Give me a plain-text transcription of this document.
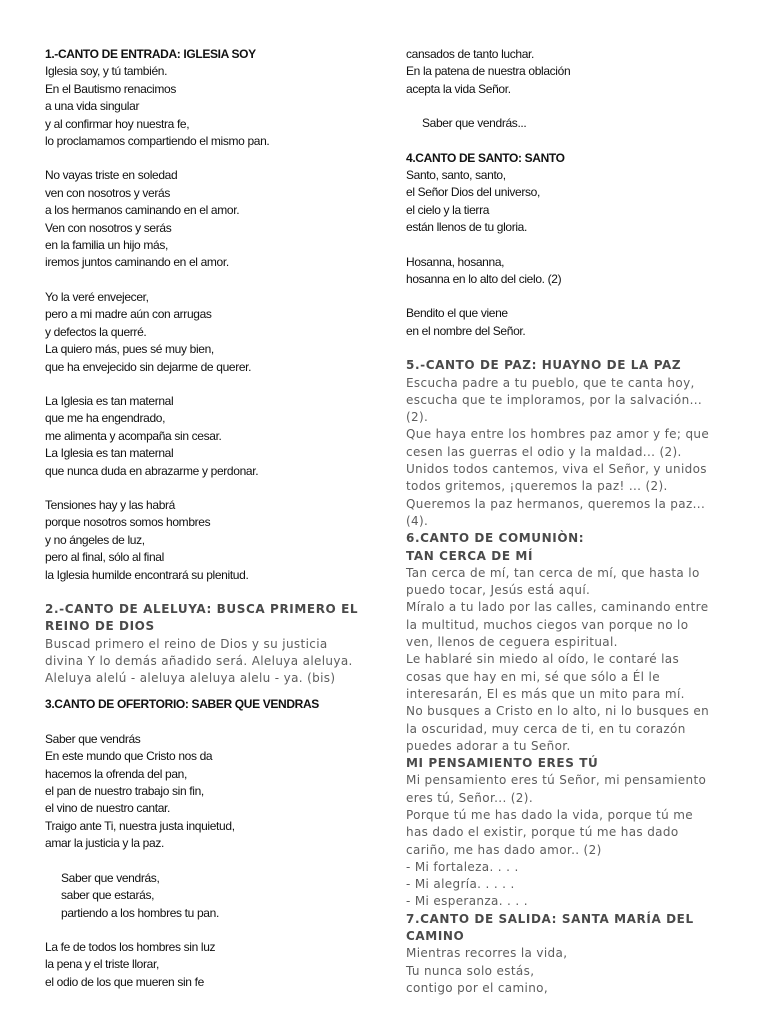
1.-CANTO DE ENTRADA: IGLESIA SOY
Iglesia soy, y tú también.
En el Bautismo renacimos
a una vida singular
y al confirmar hoy nuestra fe,
lo proclamamos compartiendo el mismo pan.
No vayas triste en soledad
ven con nosotros y verás
a los hermanos caminando en el amor.
Ven con nosotros y serás
en la familia un hijo más,
iremos juntos caminando en el amor.
Yo la veré envejecer,
pero a mi madre aún con arrugas
y defectos la querré.
La quiero más, pues sé muy bien,
que ha envejecido sin dejarme de querer.
La Iglesia es tan maternal
que me ha engendrado,
me alimenta y acompaña sin cesar.
La Iglesia es tan maternal
que nunca duda en abrazarme y perdonar.
Tensiones hay y las habrá
porque nosotros somos hombres
y no ángeles de luz,
pero al final, sólo al final
la Iglesia humilde encontrará su plenitud.
2.-CANTO DE ALELUYA: BUSCA PRIMERO EL
REINO DE DIOS
Buscad primero el reino de Dios y su justicia
divina Y lo demás añadido será. Aleluya aleluya.
Aleluya alelú - aleluya aleluya alelu - ya. (bis)
3.CANTO DE OFERTORIO: SABER QUE VENDRAS
Saber que vendrás
En este mundo que Cristo nos da
hacemos la ofrenda del pan,
el pan de nuestro trabajo sin fin,
el vino de nuestro cantar.
Traigo ante Ti, nuestra justa inquietud,
amar la justicia y la paz.
Saber que vendrás,
saber que estarás,
partiendo a los hombres tu pan.
La fe de todos los hombres sin luz
la pena y el triste llorar,
el odio de los que mueren sin fe
cansados de tanto luchar.
En la patena de nuestra oblación
acepta la vida Señor.
Saber que vendrás...
4.CANTO DE SANTO: SANTO
Santo, santo, santo,
el Señor Dios del universo,
el cielo y la tierra
están llenos de tu gloria.
Hosanna, hosanna,
hosanna en lo alto del cielo. (2)
Bendito el que viene
en el nombre del Señor.
5.-CANTO DE PAZ: HUAYNO DE LA PAZ
Escucha padre a tu pueblo, que te canta hoy,
escucha que te imploramos, por la salvación...
(2).
Que haya entre los hombres paz amor y fe; que
cesen las guerras el odio y la maldad... (2).
Unidos todos cantemos, viva el Señor, y unidos
todos gritemos, ¡queremos la paz! ... (2).
Queremos la paz hermanos, queremos la paz...
(4).
6.CANTO DE COMUNIÒN:
TAN CERCA DE MÍ
Tan cerca de mí, tan cerca de mí, que hasta lo
puedo tocar, Jesús está aquí.
Míralo a tu lado por las calles, caminando entre
la multitud, muchos ciegos van porque no lo
ven, llenos de ceguera espiritual.
Le hablaré sin miedo al oído, le contaré las
cosas que hay en mi, sé que sólo a Él le
interesarán, El es más que un mito para mí.
No busques a Cristo en lo alto, ni lo busques en
la oscuridad, muy cerca de ti, en tu corazón
puedes adorar a tu Señor.
MI PENSAMIENTO ERES TÚ
Mi pensamiento eres tú Señor, mi pensamiento
eres tú, Señor... (2).
Porque tú me has dado la vida, porque tú me
has dado el existir, porque tú me has dado
cariño, me has dado amor.. (2)
- Mi fortaleza. . . .
- Mi alegría. . . . .
- Mi esperanza. . . .
7.CANTO DE SALIDA: SANTA MARÍA DEL
CAMINO
Mientras recorres la vida,
Tu nunca solo estás,
contigo por el camino,
